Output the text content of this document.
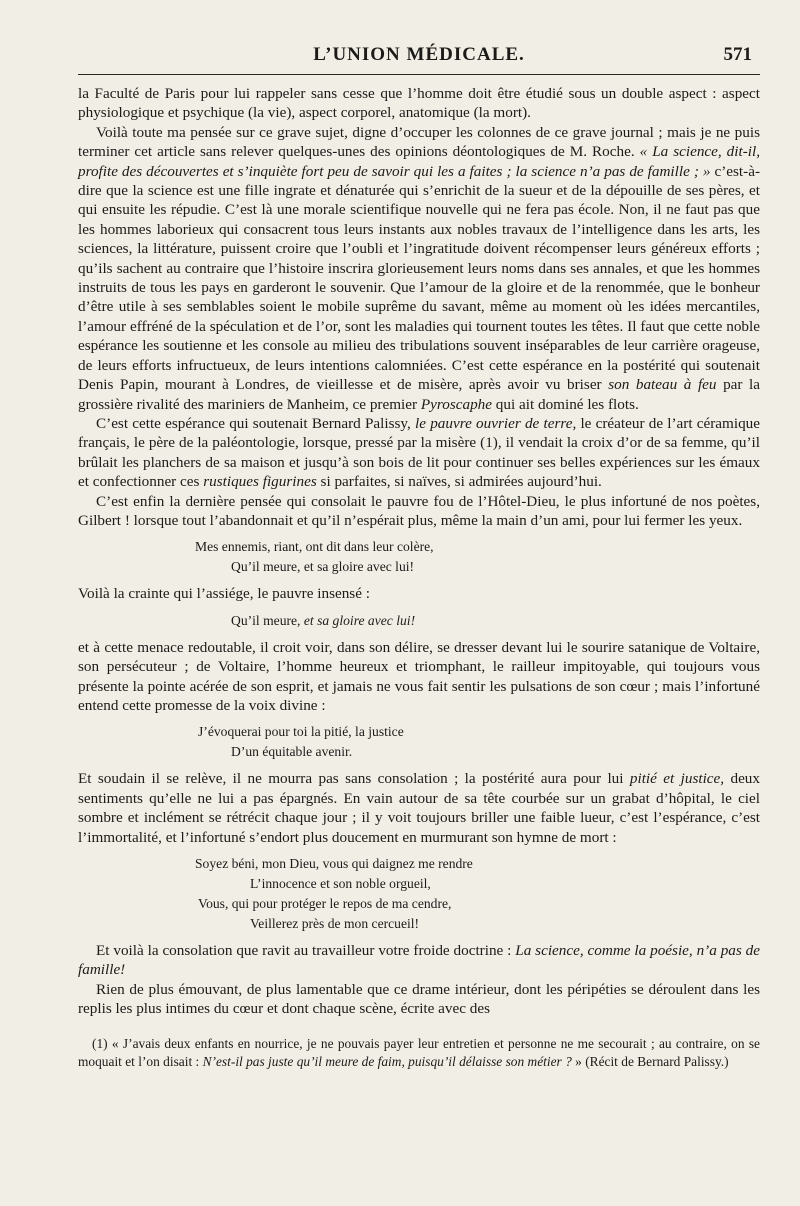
L’UNION MÉDICALE.	571

la Faculté de Paris pour lui rappeler sans cesse que l’homme doit être étudié sous un double aspect : aspect physiologique et psychique (la vie), aspect corporel, anatomique (la mort).

Voilà toute ma pensée sur ce grave sujet, digne d’occuper les colonnes de ce grave journal ; mais je ne puis terminer cet article sans relever quelques-unes des opinions déontologiques de M. Roche. « La science, dit-il, profite des découvertes et s’inquiète fort peu de savoir qui les a faites ; la science n’a pas de famille ; » c’est-à-dire que la science est une fille ingrate et dénaturée qui s’enrichit de la sueur et de la dépouille de ses pères, et qui ensuite les répudie. C’est là une morale scientifique nouvelle qui ne fera pas école. Non, il ne faut pas que les hommes laborieux qui consacrent tous leurs instants aux nobles travaux de l’intelligence dans les arts, les sciences, la littérature, puissent croire que l’oubli et l’ingratitude doivent récompenser leurs généreux efforts ; qu’ils sachent au contraire que l’histoire inscrira glorieusement leurs noms dans ses annales, et que les hommes instruits de tous les pays en garderont le souvenir. Que l’amour de la gloire et de la renommée, que le bonheur d’être utile à ses semblables soient le mobile suprême du savant, même au moment où les idées mercantiles, l’amour effréné de la spéculation et de l’or, sont les maladies qui tournent toutes les têtes. Il faut que cette noble espérance les soutienne et les console au milieu des tribulations souvent inséparables de leur carrière orageuse, de leurs efforts infructueux, de leurs intentions calomniées. C’est cette espérance en la postérité qui soutenait Denis Papin, mourant à Londres, de vieillesse et de misère, après avoir vu briser son bateau à feu par la grossière rivalité des mariniers de Manheim, ce premier Pyroscaphe qui ait dominé les flots.

C’est cette espérance qui soutenait Bernard Palissy, le pauvre ouvrier de terre, le créateur de l’art céramique français, le père de la paléontologie, lorsque, pressé par la misère (1), il vendait la croix d’or de sa femme, qu’il brûlait les planchers de sa maison et jusqu’à son bois de lit pour continuer ses belles expériences sur les émaux et confectionner ces rustiques figurines si parfaites, si naïves, si admirées aujourd’hui.

C’est enfin la dernière pensée qui consolait le pauvre fou de l’Hôtel-Dieu, le plus infortuné de nos poètes, Gilbert ! lorsque tout l’abandonnait et qu’il n’espérait plus, même la main d’un ami, pour lui fermer les yeux.

Mes ennemis, riant, ont dit dans leur colère,
Qu’il meure, et sa gloire avec lui!

Voilà la crainte qui l’assiége, le pauvre insensé :

Qu’il meure, et sa gloire avec lui!

et à cette menace redoutable, il croit voir, dans son délire, se dresser devant lui le sourire satanique de Voltaire, son persécuteur ; de Voltaire, l’homme heureux et triomphant, le railleur impitoyable, qui toujours vous présente la pointe acérée de son esprit, et jamais ne vous fait sentir les pulsations de son cœur ; mais l’infortuné entend cette promesse de la voix divine :

J’évoquerai pour toi la pitié, la justice
D’un équitable avenir.

Et soudain il se relève, il ne mourra pas sans consolation ; la postérité aura pour lui pitié et justice, deux sentiments qu’elle ne lui a pas épargnés. En vain autour de sa tête courbée sur un grabat d’hôpital, le ciel sombre et inclément se rétrécit chaque jour ; il y voit toujours briller une faible lueur, c’est l’espérance, c’est l’immortalité, et l’infortuné s’endort plus doucement en murmurant son hymne de mort :

Soyez béni, mon Dieu, vous qui daignez me rendre
L’innocence et son noble orgueil,
Vous, qui pour protéger le repos de ma cendre,
Veillerez près de mon cercueil!

Et voilà la consolation que ravit au travailleur votre froide doctrine : La science, comme la poésie, n’a pas de famille!

Rien de plus émouvant, de plus lamentable que ce drame intérieur, dont les péripéties se déroulent dans les replis les plus intimes du cœur et dont chaque scène, écrite avec des

(1) « J’avais deux enfants en nourrice, je ne pouvais payer leur entretien et personne ne me secourait ; au contraire, on se moquait et l’on disait : N’est-il pas juste qu’il meure de faim, puisqu’il délaisse son métier ? » (Récit de Bernard Palissy.)
